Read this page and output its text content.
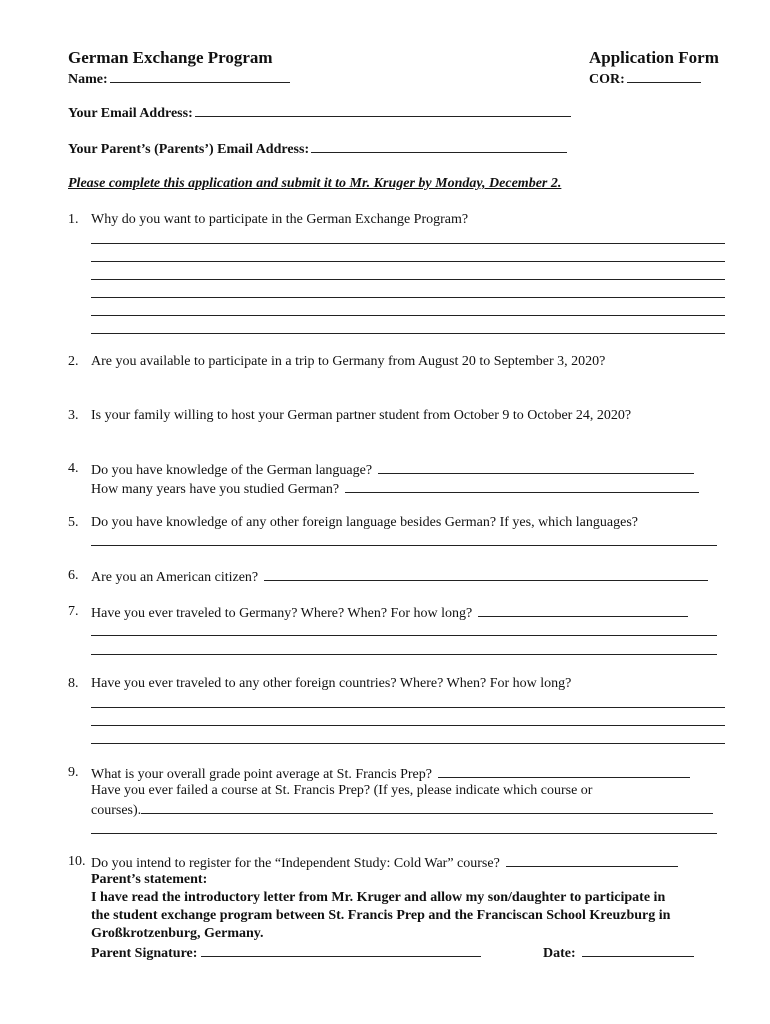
German Exchange Program	Application Form
Name:	COR:
Your Email Address:
Your Parent’s (Parents’) Email Address:
Please complete this application and submit it to Mr. Kruger by Monday, December 2.
1. Why do you want to participate in the German Exchange Program?
2. Are you available to participate in a trip to Germany from August 20 to September 3, 2020?
3. Is your family willing to host your German partner student from October 9 to October 24, 2020?
4. Do you have knowledge of the German language?
How many years have you studied German?
5. Do you have knowledge of any other foreign language besides German? If yes, which languages?
6. Are you an American citizen?
7. Have you ever traveled to Germany? Where? When? For how long?
8. Have you ever traveled to any other foreign countries? Where? When? For how long?
9. What is your overall grade point average at St. Francis Prep?
Have you ever failed a course at St. Francis Prep? (If yes, please indicate which course or
courses).
10. Do you intend to register for the “Independent Study: Cold War” course?
Parent’s statement:
I have read the introductory letter from Mr. Kruger and allow my son/daughter to participate in
the student exchange program between St. Francis Prep and the Franciscan School Kreuzburg in
Großkrotzenburg, Germany.
Parent Signature:	Date:
